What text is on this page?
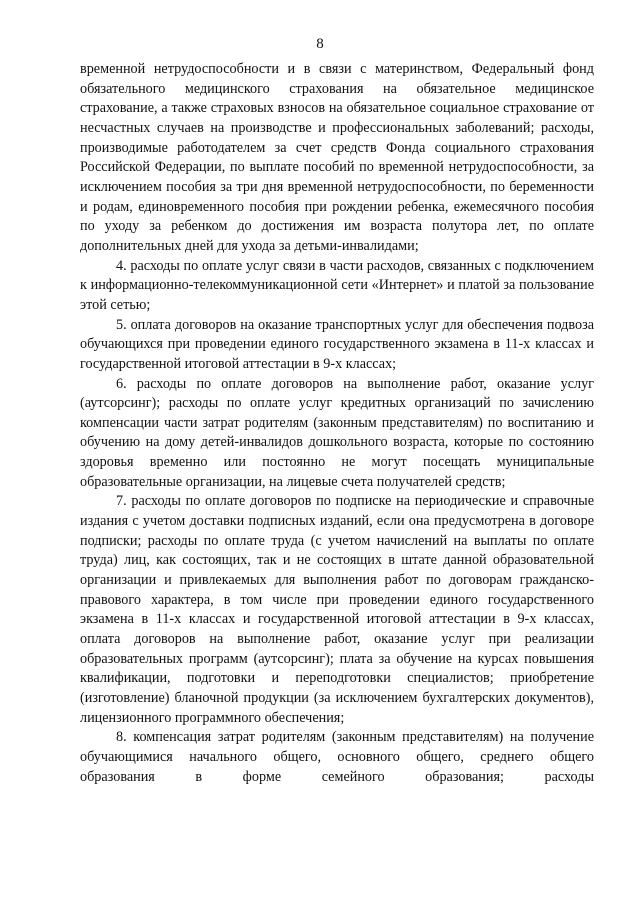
8

временной нетрудоспособности и в связи с материнством, Федеральный фонд обязательного медицинского страхования на обязательное медицинское страхование, а также страховых взносов на обязательное социальное страхование от несчастных случаев на производстве и профессиональных заболеваний; расходы, производимые работодателем за счет средств Фонда социального страхования Российской Федерации, по выплате пособий по временной нетрудоспособности, за исключением пособия за три дня временной нетрудоспособности, по беременности и родам, единовременного пособия при рождении ребенка, ежемесячного пособия по уходу за ребенком до достижения им возраста полутора лет, по оплате дополнительных дней для ухода за детьми-инвалидами;

4. расходы по оплате услуг связи в части расходов, связанных с подключением к информационно-телекоммуникационной сети «Интернет» и платой за пользование этой сетью;

5. оплата договоров на оказание транспортных услуг для обеспечения подвоза обучающихся при проведении единого государственного экзамена в 11-х классах и государственной итоговой аттестации в 9-х классах;

6. расходы по оплате договоров на выполнение работ, оказание услуг (аутсорсинг); расходы по оплате услуг кредитных организаций по зачислению компенсации части затрат родителям (законным представителям) по воспитанию и обучению на дому детей-инвалидов дошкольного возраста, которые по состоянию здоровья временно или постоянно не могут посещать муниципальные образовательные организации, на лицевые счета получателей средств;

7. расходы по оплате договоров по подписке на периодические и справочные издания с учетом доставки подписных изданий, если она предусмотрена в договоре подписки; расходы по оплате труда (с учетом начислений на выплаты по оплате труда) лиц, как состоящих, так и не состоящих в штате данной образовательной организации и привлекаемых для выполнения работ по договорам гражданско-правового характера, в том числе при проведении единого государственного экзамена в 11-х классах и государственной итоговой аттестации в 9-х классах, оплата договоров на выполнение работ, оказание услуг при реализации образовательных программ (аутсорсинг); плата за обучение на курсах повышения квалификации, подготовки и переподготовки специалистов; приобретение (изготовление) бланочной продукции (за исключением бухгалтерских документов), лицензионного программного обеспечения;

8. компенсация затрат родителям (законным представителям) на получение обучающимися начального общего, основного общего, среднего общего образования в форме семейного образования; расходы
